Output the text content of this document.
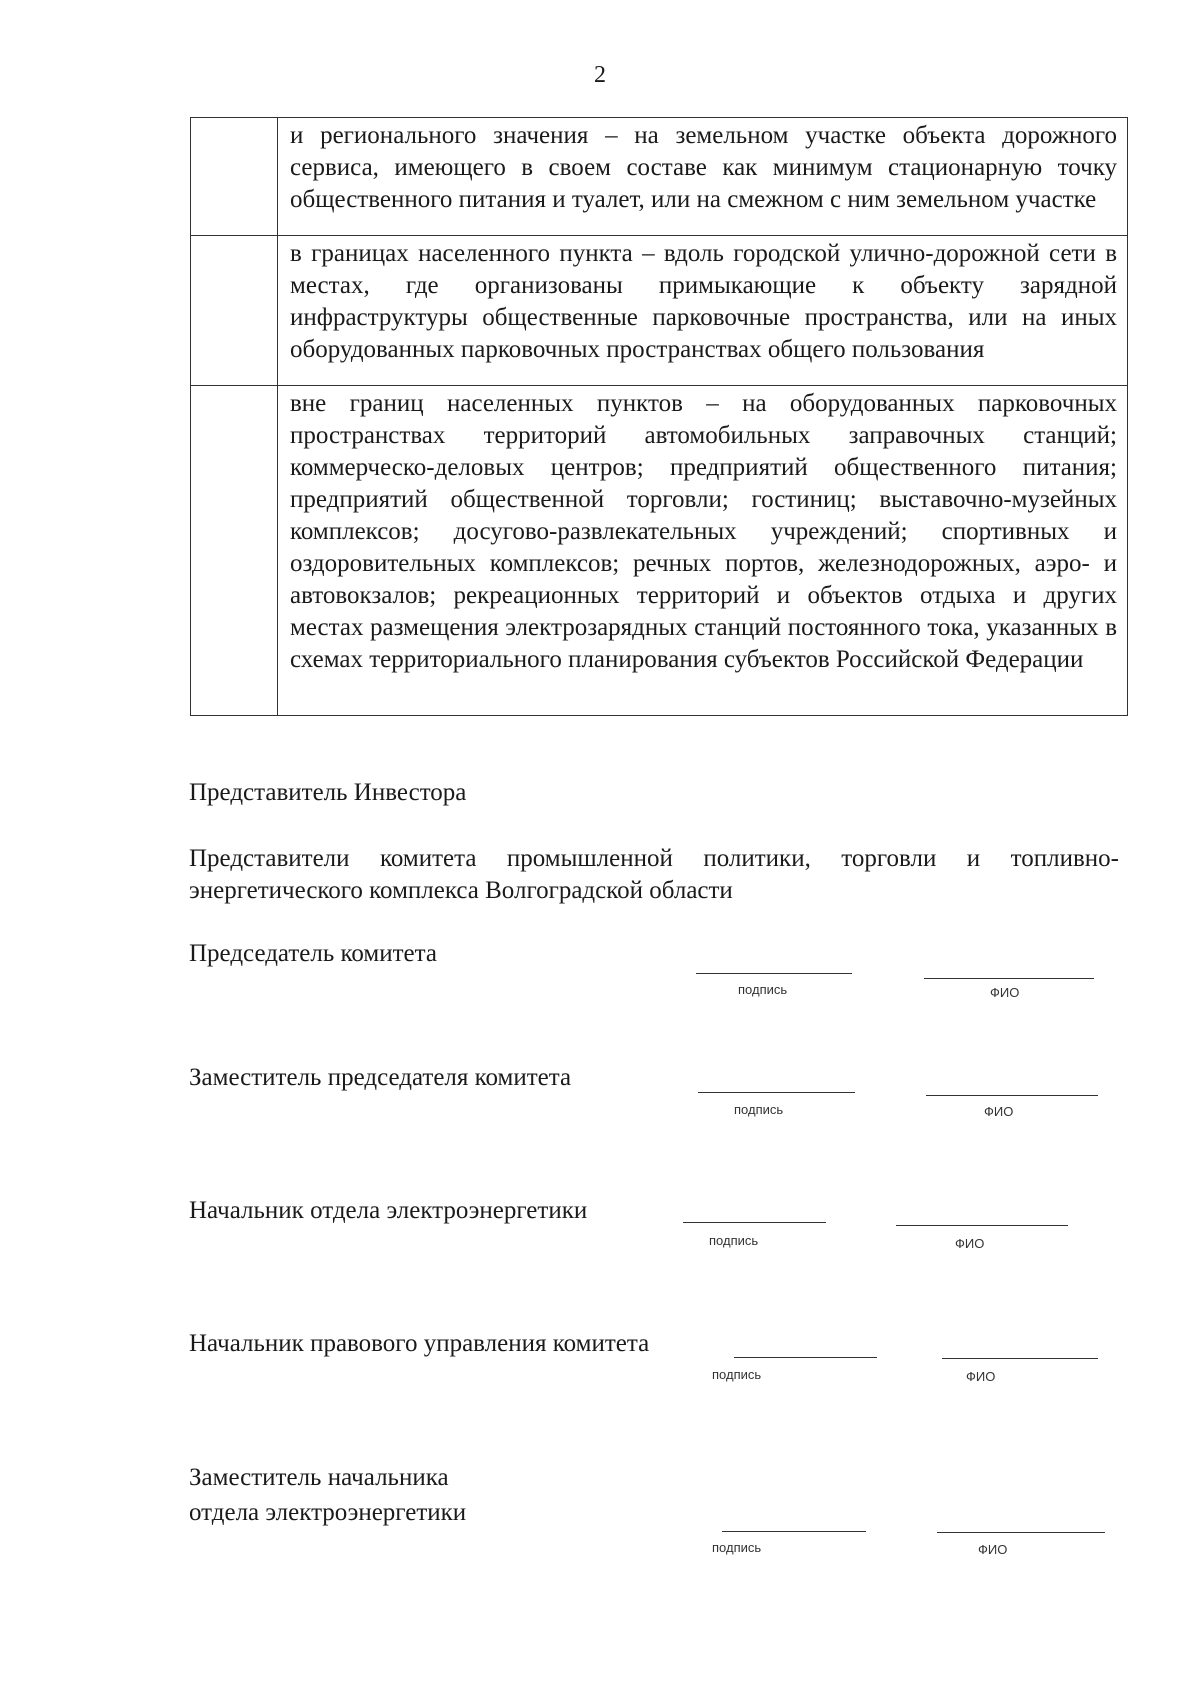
2
	и регионального значения – на земельном участке объекта дорожного сервиса, имеющего в своем составе как минимум стационарную точку общественного питания и туалет, или на смежном с ним земельном участке
	в границах населенного пункта – вдоль городской улично-дорожной сети в местах, где организованы примыкающие к объекту зарядной инфраструктуры общественные парковочные пространства, или на иных оборудованных парковочных пространствах общего пользования
	вне границ населенных пунктов – на оборудованных парковочных пространствах территорий автомобильных заправочных станций; коммерческо-деловых центров; предприятий общественного питания; предприятий общественной торговли; гостиниц; выставочно-музейных комплексов; досугово-развлекательных учреждений; спортивных и оздоровительных комплексов; речных портов, железнодорожных, аэро- и автовокзалов; рекреационных территорий и объектов отдыха и других местах размещения электрозарядных станций постоянного тока, указанных в схемах территориального планирования субъектов Российской Федерации
Представитель Инвестора
Представители комитета промышленной политики, торговли и топливно-энергетического комплекса Волгоградской области
Председатель комитета
подпись	ФИО
Заместитель председателя комитета
подпись	ФИО
Начальник отдела электроэнергетики
подпись	ФИО
Начальник правового управления комитета
подпись	ФИО
Заместитель начальника
отдела электроэнергетики
подпись	ФИО
